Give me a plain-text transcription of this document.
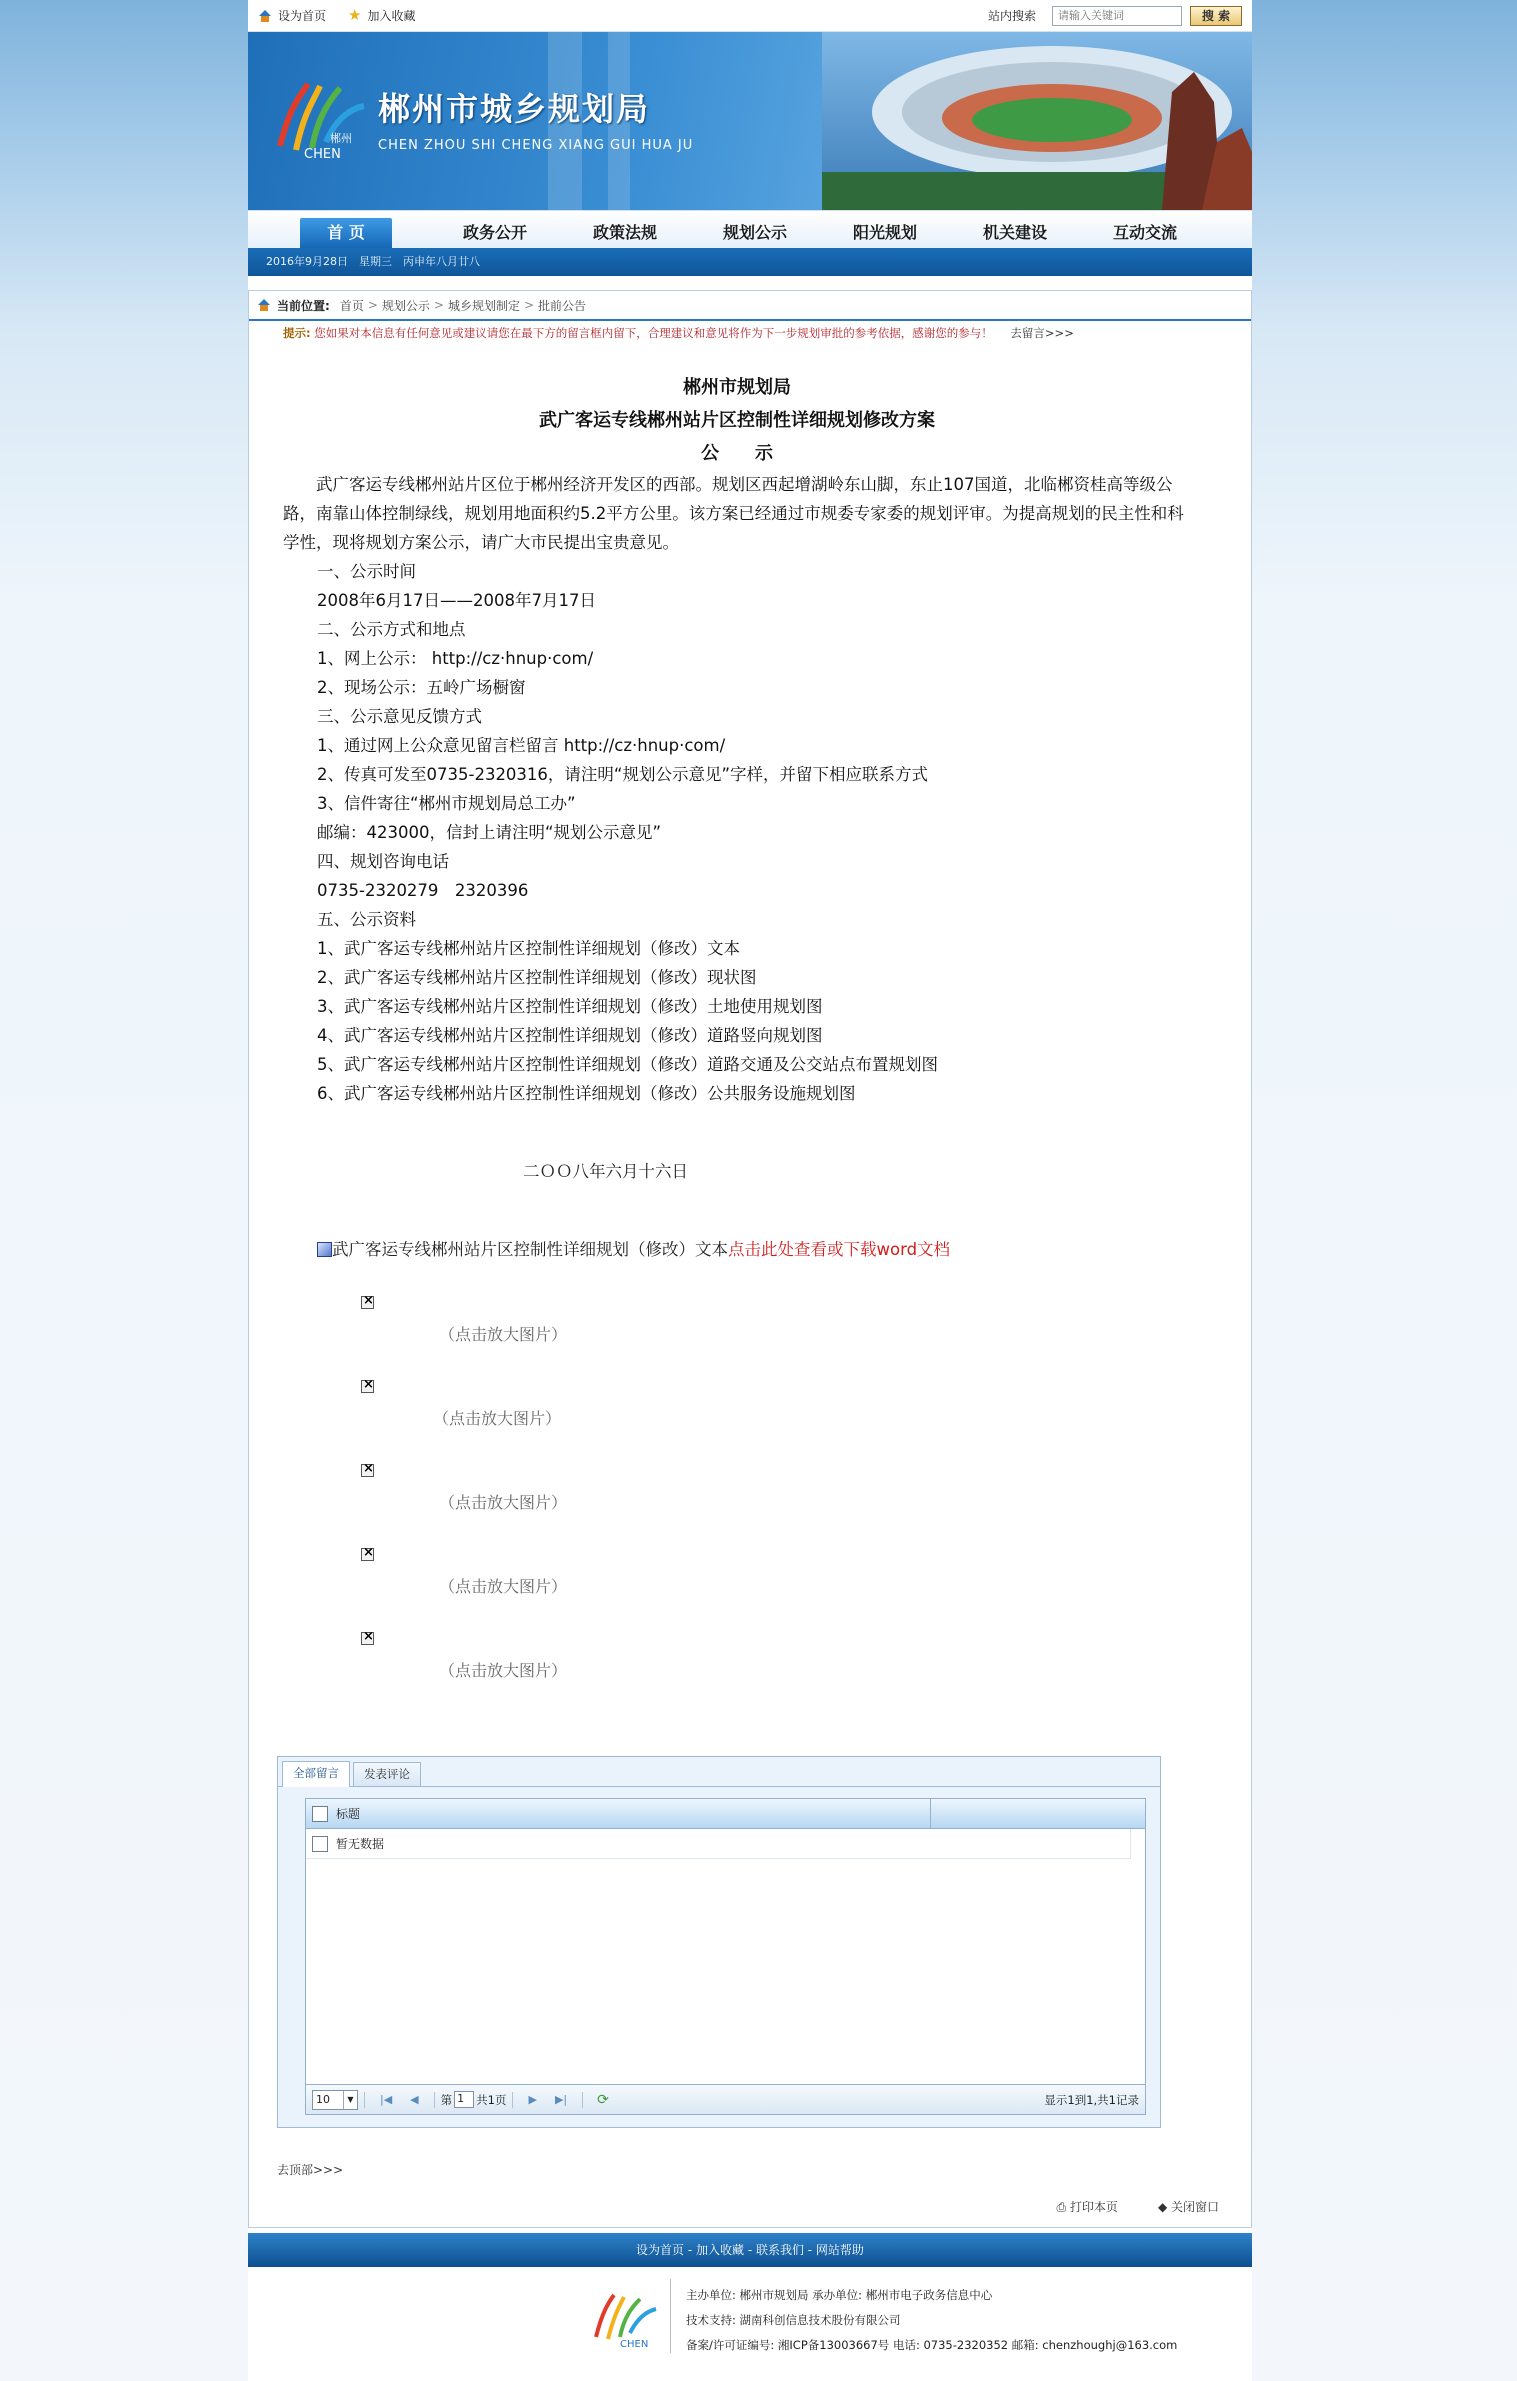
设为首页 ★ 加入收藏	站内搜索
请输入关键词	搜 索
郴州
CHEN
郴州市城乡规划局
CHEN ZHOU SHI CHENG XIANG GUI HUA JU
首 页	政务公开	政策法规	规划公示	阳光规划	机关建设	互动交流
2016年9月28日　星期三　丙申年八月廿八
当前位置: 首页 > 规划公示 > 城乡规划制定 > 批前公告
提示: 您如果对本信息有任何意见或建议请您在最下方的留言框内留下，合理建议和意见将作为下一步规划审批的参考依据，感谢您的参与！ 去留言>>>
郴州市规划局
武广客运专线郴州站片区控制性详细规划修改方案
公　　示

武广客运专线郴州站片区位于郴州经济开发区的西部。规划区西起增湖岭东山脚，东止107国道，北临郴资桂高等级公路，南靠山体控制绿线，规划用地面积约5.2平方公里。该方案已经通过市规委专家委的规划评审。为提高规划的民主性和科学性，现将规划方案公示，请广大市民提出宝贵意见。

一、公示时间

2008年6月17日——2008年7月17日

二、公示方式和地点

1、网上公示： http://cz·hnup·com/

2、现场公示：五岭广场橱窗

三、公示意见反馈方式

1、通过网上公众意见留言栏留言 http://cz·hnup·com/

2、传真可发至0735-2320316，请注明“规划公示意见”字样，并留下相应联系方式

3、信件寄往“郴州市规划局总工办”

邮编：423000，信封上请注明“规划公示意见”

四、规划咨询电话

0735-2320279　2320396

五、公示资料

1、武广客运专线郴州站片区控制性详细规划（修改）文本

2、武广客运专线郴州站片区控制性详细规划（修改）现状图

3、武广客运专线郴州站片区控制性详细规划（修改）土地使用规划图

4、武广客运专线郴州站片区控制性详细规划（修改）道路竖向规划图

5、武广客运专线郴州站片区控制性详细规划（修改）道路交通及公交站点布置规划图

6、武广客运专线郴州站片区控制性详细规划（修改）公共服务设施规划图

二ＯＯ八年六月十六日
武广客运专线郴州站片区控制性详细规划（修改）文本点击此处查看或下载word文档
×
（点击放大图片）
×
（点击放大图片）
×
（点击放大图片）
×
（点击放大图片）
×
（点击放大图片）
全部留言	发表评论
标题
暂无数据
10	▼	|◀ ◀ 第 1	共1页 ▶ ▶| ⟳	显示1到1,共1记录
去顶部>>>
⎙ 打印本页	◆ 关闭窗口
设为首页 - 加入收藏 - 联系我们 - 网站帮助
CHEN
主办单位: 郴州市规划局 承办单位: 郴州市电子政务信息中心
技术支持: 湖南科创信息技术股份有限公司
备案/许可证编号: 湘ICP备13003667号 电话: 0735-2320352 邮箱: chenzhoughj@163.com
